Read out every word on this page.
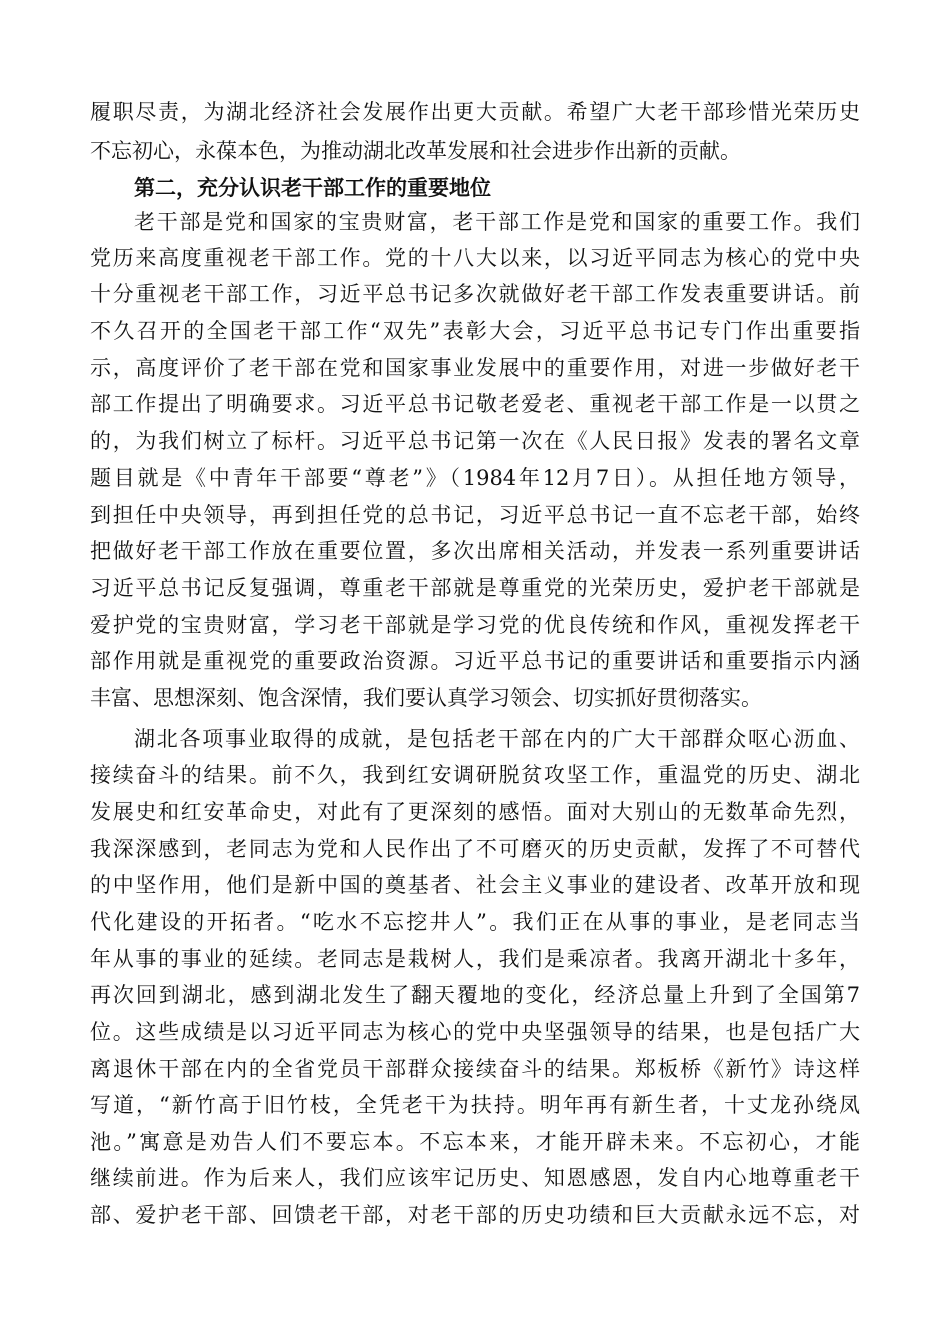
履职尽责，为湖北经济社会发展作出更大贡献。希望广大老干部珍惜光荣历史
不忘初心，永葆本色，为推动湖北改革发展和社会进步作出新的贡献。
第二，充分认识老干部工作的重要地位
老干部是党和国家的宝贵财富，老干部工作是党和国家的重要工作。我们
党历来高度重视老干部工作。党的十八大以来，以习近平同志为核心的党中央
十分重视老干部工作，习近平总书记多次就做好老干部工作发表重要讲话。前
不久召开的全国老干部工作“双先”表彰大会，习近平总书记专门作出重要指
示，高度评价了老干部在党和国家事业发展中的重要作用，对进一步做好老干
部工作提出了明确要求。习近平总书记敬老爱老、重视老干部工作是一以贯之
的，为我们树立了标杆。习近平总书记第一次在《人民日报》发表的署名文章
题目就是《中青年干部要“尊老”》（1984年12月7日）。从担任地方领导，
到担任中央领导，再到担任党的总书记，习近平总书记一直不忘老干部，始终
把做好老干部工作放在重要位置，多次出席相关活动，并发表一系列重要讲话
习近平总书记反复强调，尊重老干部就是尊重党的光荣历史，爱护老干部就是
爱护党的宝贵财富，学习老干部就是学习党的优良传统和作风，重视发挥老干
部作用就是重视党的重要政治资源。习近平总书记的重要讲话和重要指示内涵
丰富、思想深刻、饱含深情，我们要认真学习领会、切实抓好贯彻落实。
湖北各项事业取得的成就，是包括老干部在内的广大干部群众呕心沥血、
接续奋斗的结果。前不久，我到红安调研脱贫攻坚工作，重温党的历史、湖北
发展史和红安革命史，对此有了更深刻的感悟。面对大别山的无数革命先烈，
我深深感到，老同志为党和人民作出了不可磨灭的历史贡献，发挥了不可替代
的中坚作用，他们是新中国的奠基者、社会主义事业的建设者、改革开放和现
代化建设的开拓者。“吃水不忘挖井人”。我们正在从事的事业，是老同志当
年从事的事业的延续。老同志是栽树人，我们是乘凉者。我离开湖北十多年，
再次回到湖北，感到湖北发生了翻天覆地的变化，经济总量上升到了全国第7
位。这些成绩是以习近平同志为核心的党中央坚强领导的结果，也是包括广大
离退休干部在内的全省党员干部群众接续奋斗的结果。郑板桥《新竹》诗这样
写道，“新竹高于旧竹枝，全凭老干为扶持。明年再有新生者，十丈龙孙绕凤
池。”寓意是劝告人们不要忘本。不忘本来，才能开辟未来。不忘初心，才能
继续前进。作为后来人，我们应该牢记历史、知恩感恩，发自内心地尊重老干
部、爱护老干部、回馈老干部，对老干部的历史功绩和巨大贡献永远不忘，对
